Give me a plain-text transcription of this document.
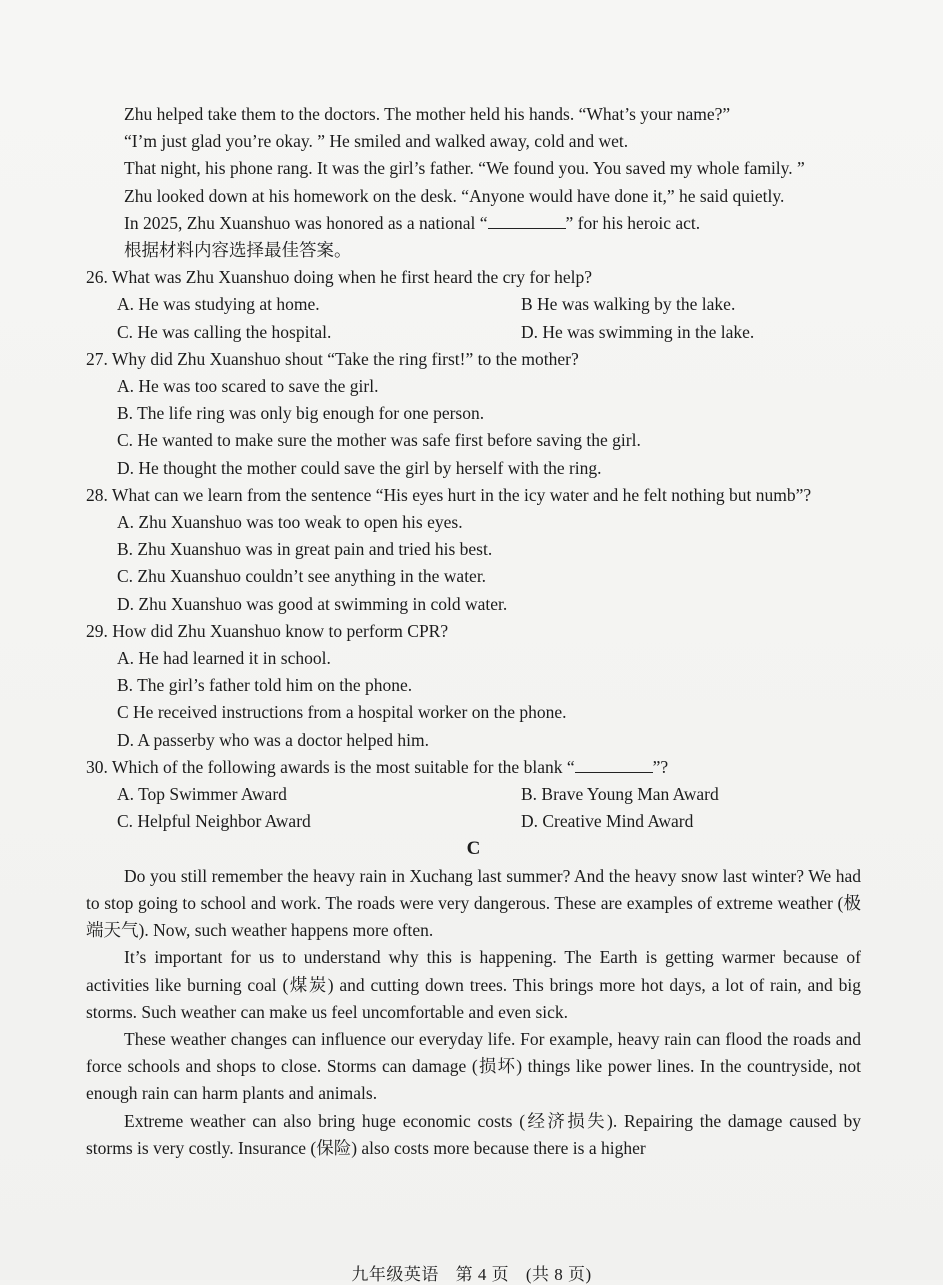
Zhu helped take them to the doctors. The mother held his hands. “What’s your name?”

“I’m just glad you’re okay. ” He smiled and walked away, cold and wet.

That night, his phone rang. It was the girl’s father. “We found you. You saved my whole family. ”

Zhu looked down at his homework on the desk. “Anyone would have done it,” he said quietly.

In 2025, Zhu Xuanshuo was honored as a national “	” for his heroic act.

根据材料内容选择最佳答案。

26. What was Zhu Xuanshuo doing when he first heard the cry for help?

A. He was studying at home.	B He was walking by the lake.
C. He was calling the hospital.	D. He was swimming in the lake.

27. Why did Zhu Xuanshuo shout “Take the ring first!” to the mother?

A. He was too scared to save the girl.

B. The life ring was only big enough for one person.

C. He wanted to make sure the mother was safe first before saving the girl.

D. He thought the mother could save the girl by herself with the ring.

28. What can we learn from the sentence “His eyes hurt in the icy water and he felt nothing but numb”?

A. Zhu Xuanshuo was too weak to open his eyes.

B. Zhu Xuanshuo was in great pain and tried his best.

C. Zhu Xuanshuo couldn’t see anything in the water.

D. Zhu Xuanshuo was good at swimming in cold water.

29. How did Zhu Xuanshuo know to perform CPR?

A. He had learned it in school.

B. The girl’s father told him on the phone.

C He received instructions from a hospital worker on the phone.

D. A passerby who was a doctor helped him.

30. Which of the following awards is the most suitable for the blank “	”?

A. Top Swimmer Award	B. Brave Young Man Award
C. Helpful Neighbor Award	D. Creative Mind Award

C

Do you still remember the heavy rain in Xuchang last summer? And the heavy snow last winter? We had to stop going to school and work. The roads were very dangerous. These are examples of extreme weather (极端天气). Now, such weather happens more often.

It’s important for us to understand why this is happening. The Earth is getting warmer because of activities like burning coal (煤炭) and cutting down trees. This brings more hot days, a lot of rain, and big storms. Such weather can make us feel uncomfortable and even sick.

These weather changes can influence our everyday life. For example, heavy rain can flood the roads and force schools and shops to close. Storms can damage (损坏) things like power lines. In the countryside, not enough rain can harm plants and animals.

Extreme weather can also bring huge economic costs (经济损失). Repairing the damage caused by storms is very costly. Insurance (保险) also costs more because there is a higher

九年级英语 第 4 页 (共 8 页)
